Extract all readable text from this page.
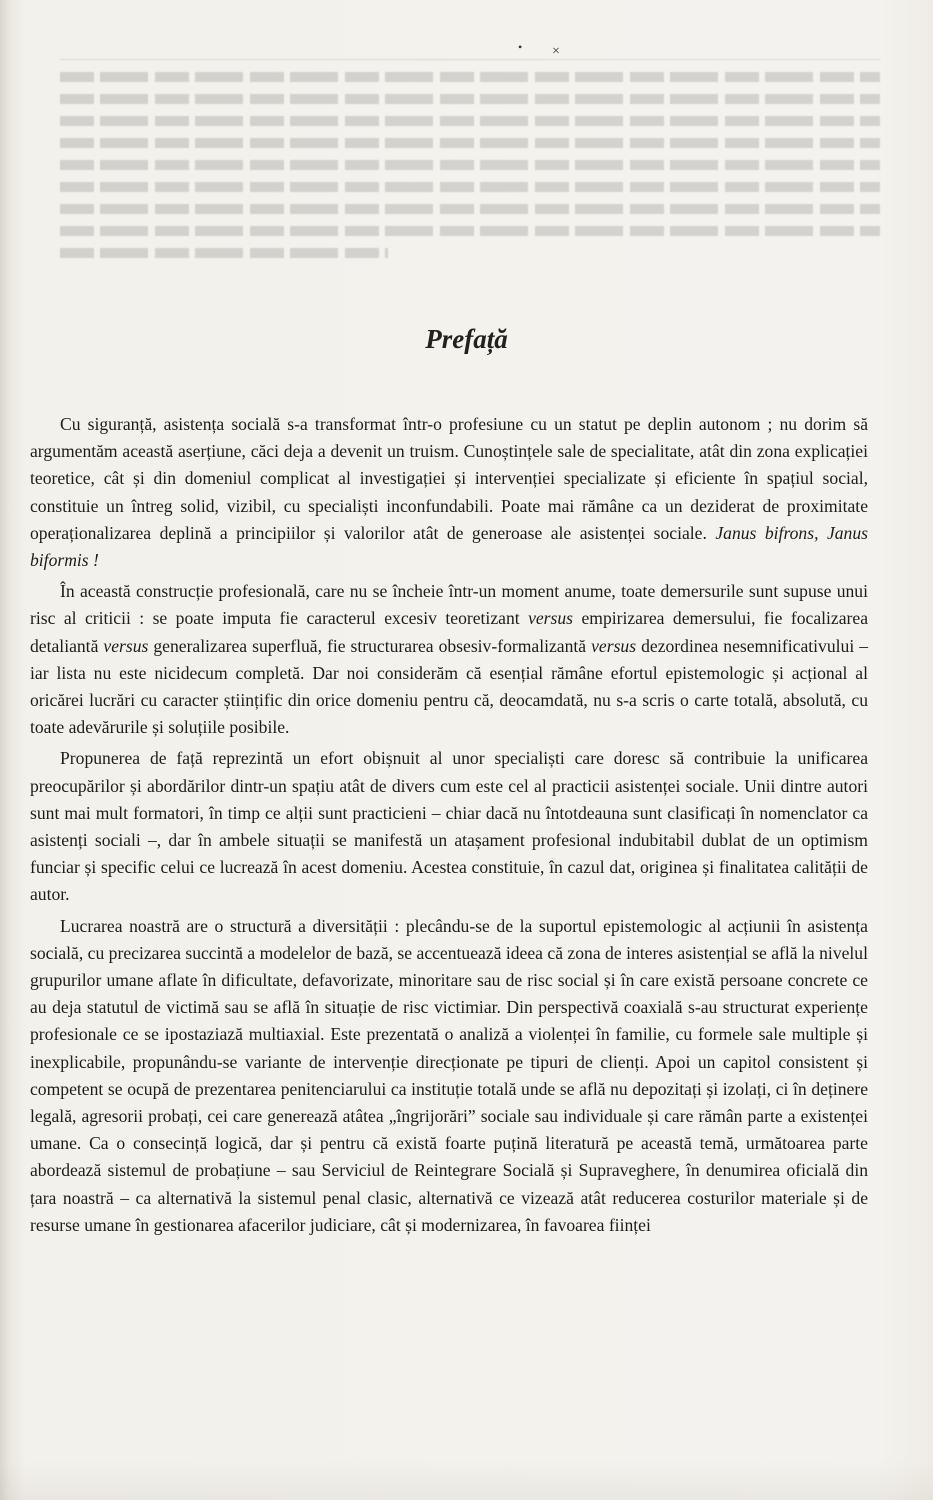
• ×
Prefață

Cu siguranță, asistența socială s-a transformat într-o profesiune cu un statut pe deplin autonom ; nu dorim să argumentăm această aserțiune, căci deja a devenit un truism. Cunoștințele sale de specialitate, atât din zona explicației teoretice, cât și din domeniul complicat al investigației și intervenției specializate și eficiente în spațiul social, constituie un întreg solid, vizibil, cu specialiști inconfundabili. Poate mai rămâne ca un deziderat de proximitate operaționalizarea deplină a principiilor și valorilor atât de generoase ale asistenței sociale. Janus bifrons, Janus biformis !

În această construcție profesională, care nu se încheie într-un moment anume, toate demersurile sunt supuse unui risc al criticii : se poate imputa fie caracterul excesiv teoretizant versus empirizarea demersului, fie focalizarea detaliantă versus generalizarea superfluă, fie structurarea obsesiv-formalizantă versus dezordinea nesemnificativului – iar lista nu este nicidecum completă. Dar noi considerăm că esențial rămâne efortul epistemologic și acțional al oricărei lucrări cu caracter științific din orice domeniu pentru că, deocamdată, nu s-a scris o carte totală, absolută, cu toate adevărurile și soluțiile posibile.

Propunerea de față reprezintă un efort obișnuit al unor specialiști care doresc să contribuie la unificarea preocupărilor și abordărilor dintr-un spațiu atât de divers cum este cel al practicii asistenței sociale. Unii dintre autori sunt mai mult formatori, în timp ce alții sunt practicieni – chiar dacă nu întotdeauna sunt clasificați în nomenclator ca asistenți sociali –, dar în ambele situații se manifestă un atașament profesional indubitabil dublat de un optimism funciar și specific celui ce lucrează în acest domeniu. Acestea constituie, în cazul dat, originea și finalitatea calității de autor.

Lucrarea noastră are o structură a diversității : plecându-se de la suportul epistemologic al acțiunii în asistența socială, cu precizarea succintă a modelelor de bază, se accentuează ideea că zona de interes asistențial se află la nivelul grupurilor umane aflate în dificultate, defavorizate, minoritare sau de risc social și în care există persoane concrete ce au deja statutul de victimă sau se află în situație de risc victimiar. Din perspectivă coaxială s-au structurat experiențe profesionale ce se ipostaziază multiaxial. Este prezentată o analiză a violenței în familie, cu formele sale multiple și inexplicabile, propunându-se variante de intervenție direcționate pe tipuri de clienți. Apoi un capitol consistent și competent se ocupă de prezentarea penitenciarului ca instituție totală unde se află nu depozitați și izolați, ci în deținere legală, agresorii probați, cei care generează atâtea „îngrijorări” sociale sau individuale și care rămân parte a existenței umane. Ca o consecință logică, dar și pentru că există foarte puțină literatură pe această temă, următoarea parte abordează sistemul de probațiune – sau Serviciul de Reintegrare Socială și Supraveghere, în denumirea oficială din țara noastră – ca alternativă la sistemul penal clasic, alternativă ce vizează atât reducerea costurilor materiale și de resurse umane în gestionarea afacerilor judiciare, cât și modernizarea, în favoarea ființei
